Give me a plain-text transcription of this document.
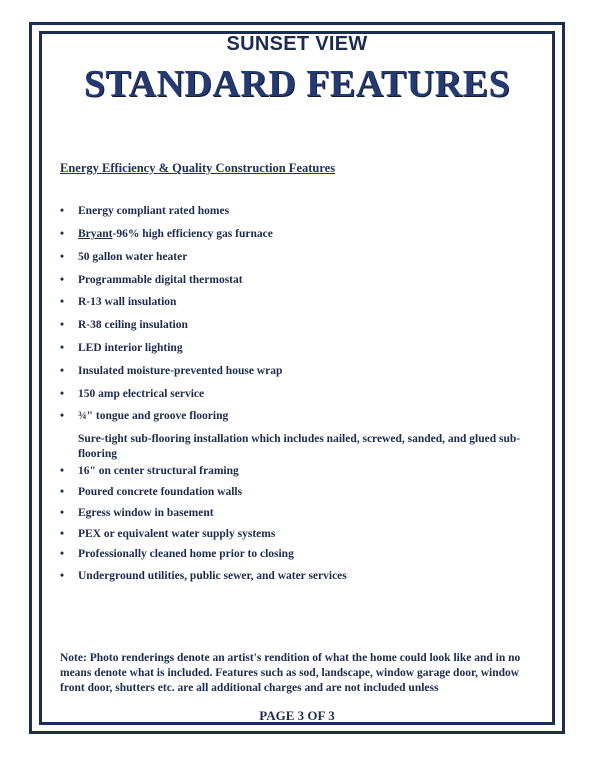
SUNSET VIEW
STANDARD FEATURES
Energy Efficiency & Quality Construction Features
•	Energy compliant rated homes
•	Bryant-96% high efficiency gas furnace
•	50 gallon water heater
•	Programmable digital thermostat
•	R-13 wall insulation
•	R-38 ceiling insulation
•	LED interior lighting
•	Insulated moisture-prevented house wrap
•	150 amp electrical service
•	¾" tongue and groove flooring
•	16" on center structural framing
•	Poured concrete foundation walls
•	Egress window in basement
•	PEX or equivalent water supply systems
•	Professionally cleaned home prior to closing
•	Underground utilities, public sewer, and water services
Sure-tight sub-flooring installation which includes nailed, screwed, sanded, and glued sub-flooring
Note: Photo renderings denote an artist's rendition of what the home could look like and in no means denote what is included. Features such as sod, landscape, window garage door, window front door, shutters etc. are all additional charges and are not included unless
PAGE 3 OF 3
